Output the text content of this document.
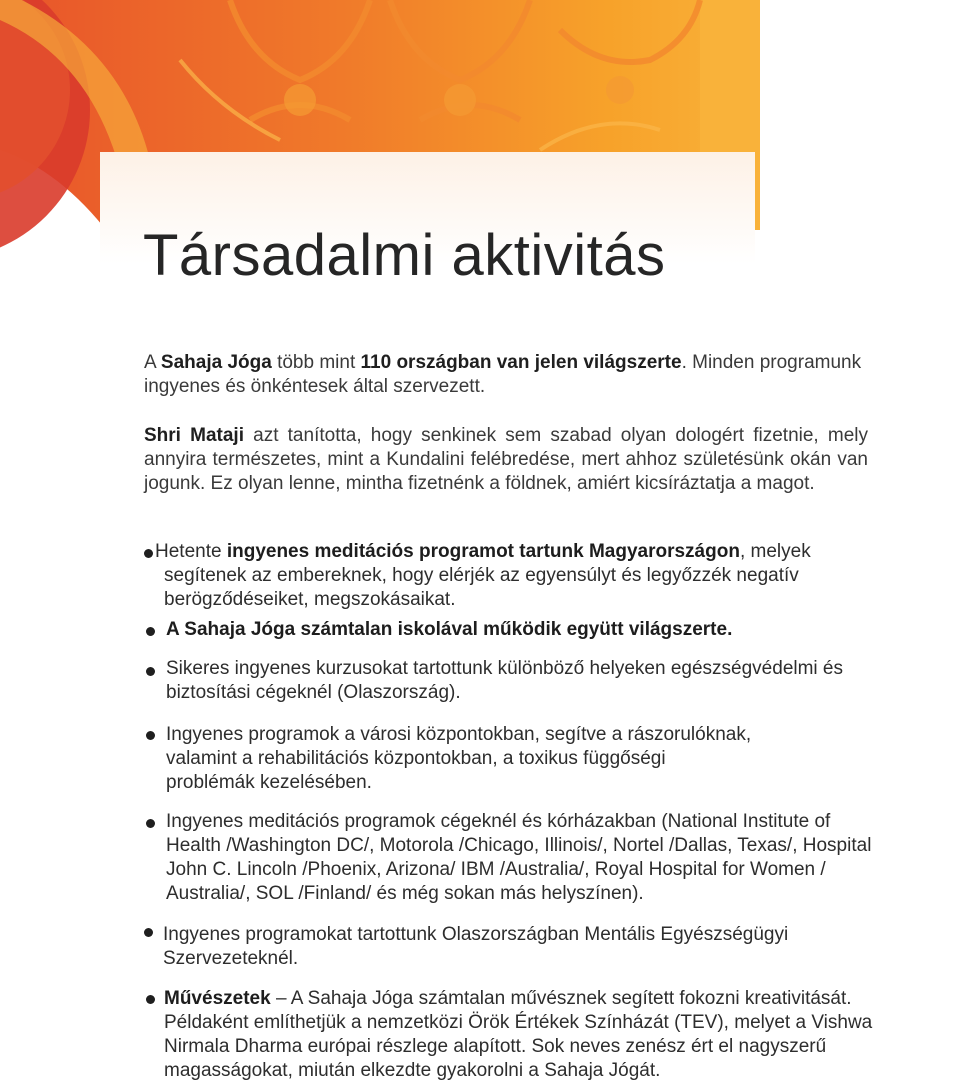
Társadalmi aktivitás

A Sahaja Jóga több mint 110 országban van jelen világszerte. Minden programunk ingyenes és önkéntesek által szervezett.

Shri Mataji azt tanította, hogy senkinek sem szabad olyan dologért fizetnie, mely annyira természetes, mint a Kundalini felébredése, mert ahhoz születésünk okán van jogunk. Ez olyan lenne, mintha fizetnénk a földnek, amiért kicsíráztatja a magot.

Hetente ingyenes meditációs programot tartunk Magyarországon, melyek
segítenek az embereknek, hogy elérjék az egyensúlyt és legyőzzék negatív
berögződéseiket, megszokásaikat.
A Sahaja Jóga számtalan iskolával működik együtt világszerte.
Sikeres ingyenes kurzusokat tartottunk különböző helyeken egészségvédelmi és
biztosítási cégeknél (Olaszország).
Ingyenes programok a városi központokban, segítve a rászorulóknak,
valamint a rehabilitációs központokban, a toxikus függőségi
problémák kezelésében.
Ingyenes meditációs programok cégeknél és kórházakban (National Institute of
Health /Washington DC/, Motorola /Chicago, Illinois/, Nortel /Dallas, Texas/, Hospital
John C. Lincoln /Phoenix, Arizona/ IBM /Australia/, Royal Hospital for Women /
Australia/, SOL /Finland/ és még sokan más helyszínen).
Ingyenes programokat tartottunk Olaszországban Mentális Egyészségügyi
Szervezeteknél.
Művészetek – A Sahaja Jóga számtalan művésznek segített fokozni kreativitását.
Példaként említhetjük a nemzetközi Örök Értékek Színházát (TEV), melyet a Vishwa
Nirmala Dharma európai részlege alapított. Sok neves zenész ért el nagyszerű
magasságokat, miután elkezdte gyakorolni a Sahaja Jógát.
